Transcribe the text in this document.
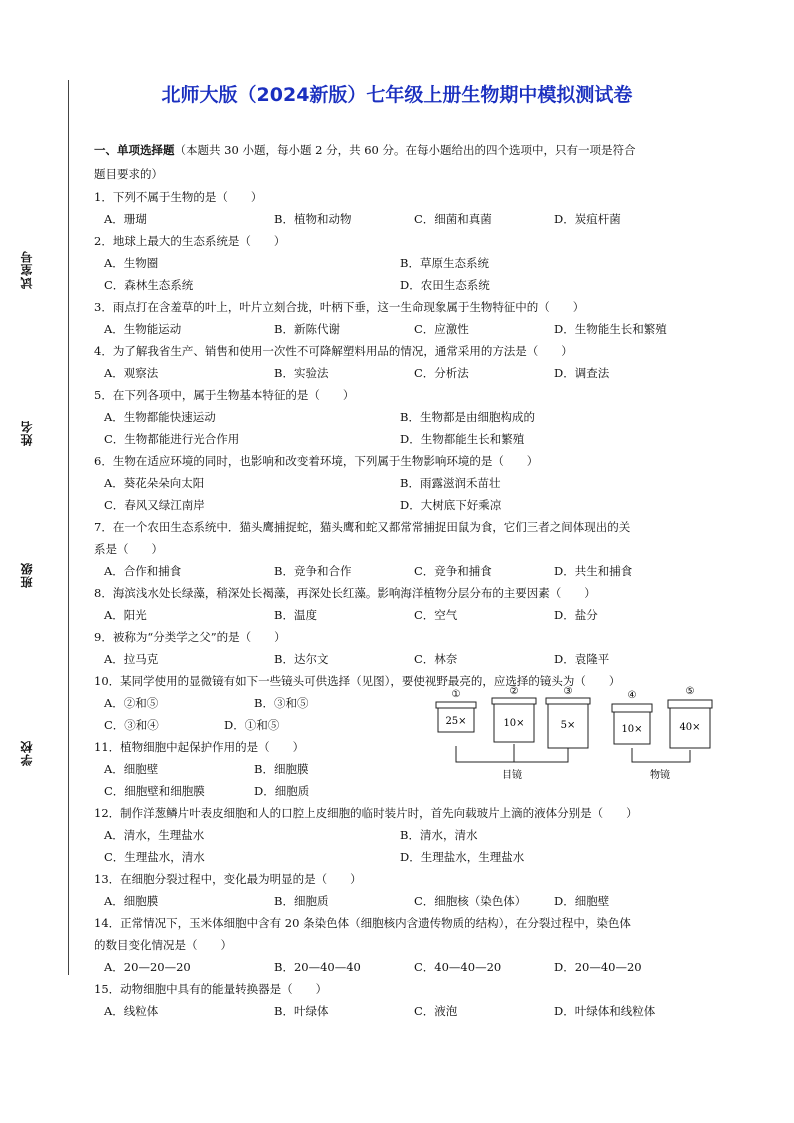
试室号
姓名
班级
学校
北师大版（2024新版）七年级上册生物期中模拟测试卷
一、单项选择题（本题共 30 小题，每小题 2 分，共 60 分。在每小题给出的四个选项中，只有一项是符合
题目要求的）
1．下列不属于生物的是（　　）
A．珊瑚	B．植物和动物	C．细菌和真菌	D．炭疽杆菌
2．地球上最大的生态系统是（　　）
A．生物圈	B．草原生态系统
C．森林生态系统	D．农田生态系统
3．雨点打在含羞草的叶上，叶片立刻合拢，叶柄下垂，这一生命现象属于生物特征中的（　　）
A．生物能运动	B．新陈代谢	C．应激性	D．生物能生长和繁殖
4．为了解我省生产、销售和使用一次性不可降解塑料用品的情况，通常采用的方法是（　　）
A．观察法	B．实验法	C．分析法	D．调查法
5．在下列各项中，属于生物基本特征的是（　　）
A．生物都能快速运动	B．生物都是由细胞构成的
C．生物都能进行光合作用	D．生物都能生长和繁殖
6．生物在适应环境的同时，也影响和改变着环境，下列属于生物影响环境的是（　　）
A．葵花朵朵向太阳	B．雨露滋润禾苗壮
C．春风又绿江南岸	D．大树底下好乘凉
7．在一个农田生态系统中．猫头鹰捕捉蛇，猫头鹰和蛇又都常常捕捉田鼠为食，它们三者之间体现出的关
系是（　　）
A．合作和捕食	B．竞争和合作	C．竞争和捕食	D．共生和捕食
8．海滨浅水处长绿藻，稍深处长褐藻，再深处长红藻。影响海洋植物分层分布的主要因素（　　）
A．阳光	B．温度	C．空气	D．盐分
9．被称为“分类学之父”的是（　　）
A．拉马克	B．达尔文	C．林奈	D．袁隆平
10．某同学使用的显微镜有如下一些镜头可供选择（见图），要使视野最亮的，应选择的镜头为（　　）
A．②和⑤	B．③和⑤
C．③和④	D．①和⑤
11．植物细胞中起保护作用的是（　　）
A．细胞壁	B．细胞膜
C．细胞壁和细胞膜	D．细胞质
12．制作洋葱鳞片叶表皮细胞和人的口腔上皮细胞的临时装片时，首先向载玻片上滴的液体分别是（　　）
A．清水，生理盐水	B．清水，清水
C．生理盐水，清水	D．生理盐水，生理盐水
13．在细胞分裂过程中，变化最为明显的是（　　）
A．细胞膜	B．细胞质	C．细胞核（染色体） D．细胞壁
14．正常情况下，玉米体细胞中含有 20 条染色体（细胞核内含遗传物质的结构），在分裂过程中，染色体
的数目变化情况是（　　）
A．20—20—20	B．20—40—40	C．40—40—20	D．20—40—20
15．动物细胞中具有的能量转换器是（　　）
A．线粒体	B．叶绿体	C．液泡	D．叶绿体和线粒体
①
25×
②
10×
③
5×
④
10×
⑤
40×
目镜	物镜
